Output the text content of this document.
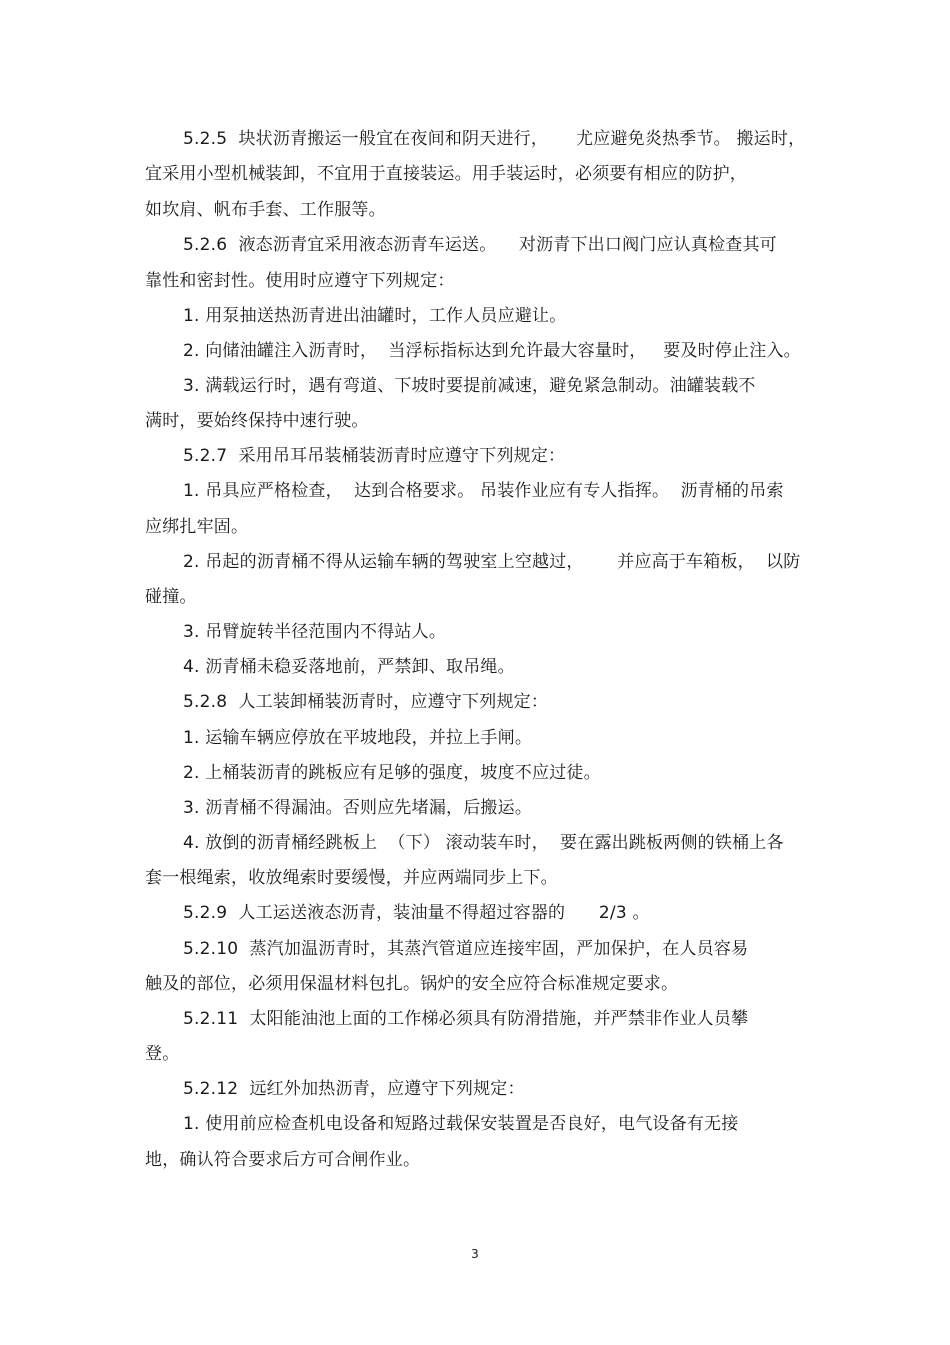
5.2.5  块状沥青搬运一般宜在夜间和阴天进行，     尤应避免炎热季节。 搬运时，
宜采用小型机械装卸，不宜用于直接装运。用手装运时，必须要有相应的防护，
如坎肩、帆布手套、工作服等。
5.2.6  液态沥青宜采用液态沥青车运送。    对沥青下出口阀门应认真检查其可
靠性和密封性。使用时应遵守下列规定：
1. 用泵抽送热沥青进出油罐时，工作人员应避让。
2. 向储油罐注入沥青时，  当浮标指标达到允许最大容量时，   要及时停止注入。
3. 满载运行时，遇有弯道、下坡时要提前减速，避免紧急制动。油罐装载不
满时，要始终保持中速行驶。
5.2.7  采用吊耳吊装桶装沥青时应遵守下列规定：
1. 吊具应严格检查，  达到合格要求。 吊装作业应有专人指挥。  沥青桶的吊索
应绑扎牢固。
2. 吊起的沥青桶不得从运输车辆的驾驶室上空越过，      并应高于车箱板，  以防
碰撞。
3. 吊臂旋转半径范围内不得站人。
4. 沥青桶未稳妥落地前，严禁卸、取吊绳。
5.2.8  人工装卸桶装沥青时，应遵守下列规定：
1. 运输车辆应停放在平坡地段，并拉上手闸。
2. 上桶装沥青的跳板应有足够的强度，坡度不应过徒。
3. 沥青桶不得漏油。否则应先堵漏，后搬运。
4. 放倒的沥青桶经跳板上  （下） 滚动装车时，  要在露出跳板两侧的铁桶上各
套一根绳索，收放绳索时要缓慢，并应两端同步上下。
5.2.9  人工运送液态沥青，装油量不得超过容器的      2/3 。
5.2.10  蒸汽加温沥青时，其蒸汽管道应连接牢固，严加保护，在人员容易
触及的部位，必须用保温材料包扎。锅炉的安全应符合标准规定要求。
5.2.11  太阳能油池上面的工作梯必须具有防滑措施，并严禁非作业人员攀
登。
5.2.12  远红外加热沥青，应遵守下列规定：
1. 使用前应检查机电设备和短路过载保安装置是否良好，电气设备有无接
地，确认符合要求后方可合闸作业。
3
